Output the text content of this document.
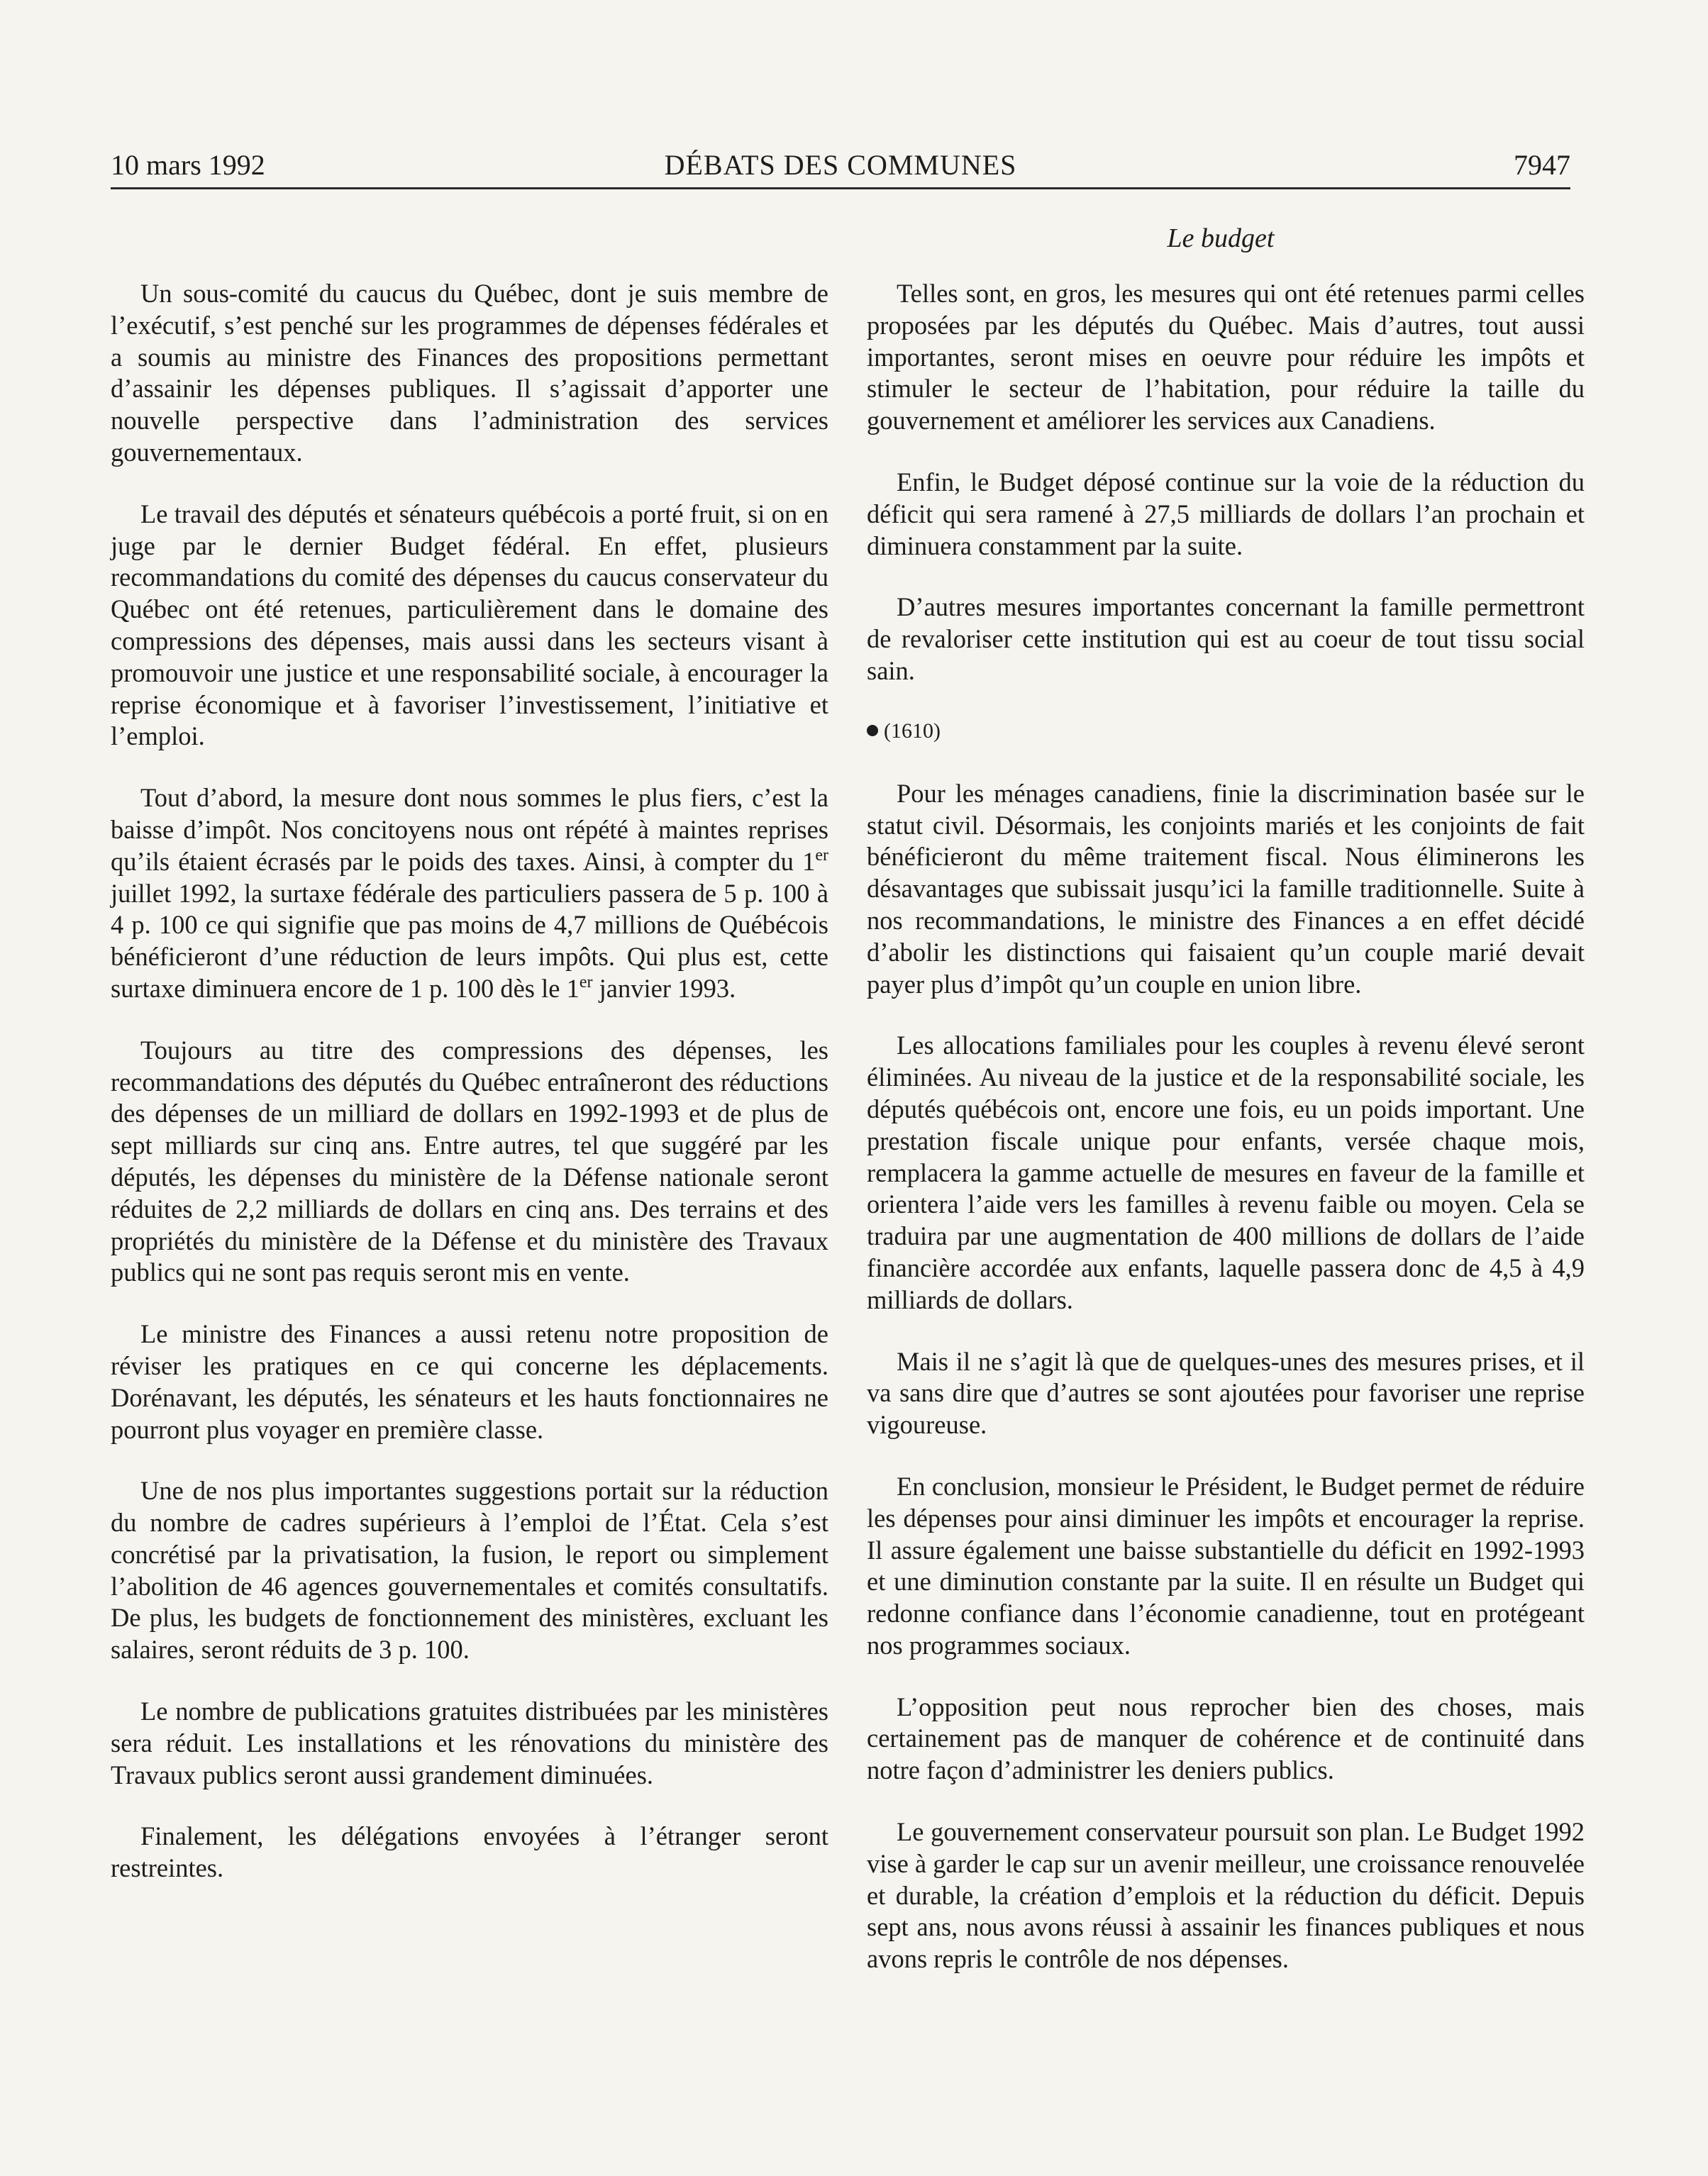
10 mars 1992	DÉBATS DES COMMUNES	7947
Le budget

Un sous-comité du caucus du Québec, dont je suis membre de l’exécutif, s’est penché sur les programmes de dépenses fédérales et a soumis au ministre des Finances des propositions permettant d’assainir les dépenses publiques. Il s’agissait d’apporter une nouvelle perspective dans l’administration des services gouvernementaux.

Le travail des députés et sénateurs québécois a porté fruit, si on en juge par le dernier Budget fédéral. En effet, plusieurs recommandations du comité des dépenses du caucus conservateur du Québec ont été retenues, particulièrement dans le domaine des compressions des dépenses, mais aussi dans les secteurs visant à promouvoir une justice et une responsabilité sociale, à encourager la reprise économique et à favoriser l’investissement, l’initiative et l’emploi.

Tout d’abord, la mesure dont nous sommes le plus fiers, c’est la baisse d’impôt. Nos concitoyens nous ont répété à maintes reprises qu’ils étaient écrasés par le poids des taxes. Ainsi, à compter du 1er juillet 1992, la surtaxe fédérale des particuliers passera de 5 p. 100 à 4 p. 100 ce qui signifie que pas moins de 4,7 millions de Québécois bénéficieront d’une réduction de leurs impôts. Qui plus est, cette surtaxe diminuera encore de 1 p. 100 dès le 1er janvier 1993.

Toujours au titre des compressions des dépenses, les recommandations des députés du Québec entraîneront des réductions des dépenses de un milliard de dollars en 1992-1993 et de plus de sept milliards sur cinq ans. Entre autres, tel que suggéré par les députés, les dépenses du ministère de la Défense nationale seront réduites de 2,2 milliards de dollars en cinq ans. Des terrains et des propriétés du ministère de la Défense et du ministère des Travaux publics qui ne sont pas requis seront mis en vente.

Le ministre des Finances a aussi retenu notre proposition de réviser les pratiques en ce qui concerne les déplacements. Dorénavant, les députés, les sénateurs et les hauts fonctionnaires ne pourront plus voyager en première classe.

Une de nos plus importantes suggestions portait sur la réduction du nombre de cadres supérieurs à l’emploi de l’État. Cela s’est concrétisé par la privatisation, la fusion, le report ou simplement l’abolition de 46 agences gouvernementales et comités consultatifs. De plus, les budgets de fonctionnement des ministères, excluant les salaires, seront réduits de 3 p. 100.

Le nombre de publications gratuites distribuées par les ministères sera réduit. Les installations et les rénovations du ministère des Travaux publics seront aussi grandement diminuées.

Finalement, les délégations envoyées à l’étranger seront restreintes.

Telles sont, en gros, les mesures qui ont été retenues parmi celles proposées par les députés du Québec. Mais d’autres, tout aussi importantes, seront mises en oeuvre pour réduire les impôts et stimuler le secteur de l’habitation, pour réduire la taille du gouvernement et améliorer les services aux Canadiens.

Enfin, le Budget déposé continue sur la voie de la réduction du déficit qui sera ramené à 27,5 milliards de dollars l’an prochain et diminuera constamment par la suite.

D’autres mesures importantes concernant la famille permettront de revaloriser cette institution qui est au coeur de tout tissu social sain.

(1610)

Pour les ménages canadiens, finie la discrimination basée sur le statut civil. Désormais, les conjoints mariés et les conjoints de fait bénéficieront du même traitement fiscal. Nous éliminerons les désavantages que subissait jusqu’ici la famille traditionnelle. Suite à nos recommandations, le ministre des Finances a en effet décidé d’abolir les distinctions qui faisaient qu’un couple marié devait payer plus d’impôt qu’un couple en union libre.

Les allocations familiales pour les couples à revenu élevé seront éliminées. Au niveau de la justice et de la responsabilité sociale, les députés québécois ont, encore une fois, eu un poids important. Une prestation fiscale unique pour enfants, versée chaque mois, remplacera la gamme actuelle de mesures en faveur de la famille et orientera l’aide vers les familles à revenu faible ou moyen. Cela se traduira par une augmentation de 400 millions de dollars de l’aide financière accordée aux enfants, laquelle passera donc de 4,5 à 4,9 milliards de dollars.

Mais il ne s’agit là que de quelques-unes des mesures prises, et il va sans dire que d’autres se sont ajoutées pour favoriser une reprise vigoureuse.

En conclusion, monsieur le Président, le Budget permet de réduire les dépenses pour ainsi diminuer les impôts et encourager la reprise. Il assure également une baisse substantielle du déficit en 1992-1993 et une diminution constante par la suite. Il en résulte un Budget qui redonne confiance dans l’économie canadienne, tout en protégeant nos programmes sociaux.

L’opposition peut nous reprocher bien des choses, mais certainement pas de manquer de cohérence et de continuité dans notre façon d’administrer les deniers publics.

Le gouvernement conservateur poursuit son plan. Le Budget 1992 vise à garder le cap sur un avenir meilleur, une croissance renouvelée et durable, la création d’emplois et la réduction du déficit. Depuis sept ans, nous avons réussi à assainir les finances publiques et nous avons repris le contrôle de nos dépenses.
